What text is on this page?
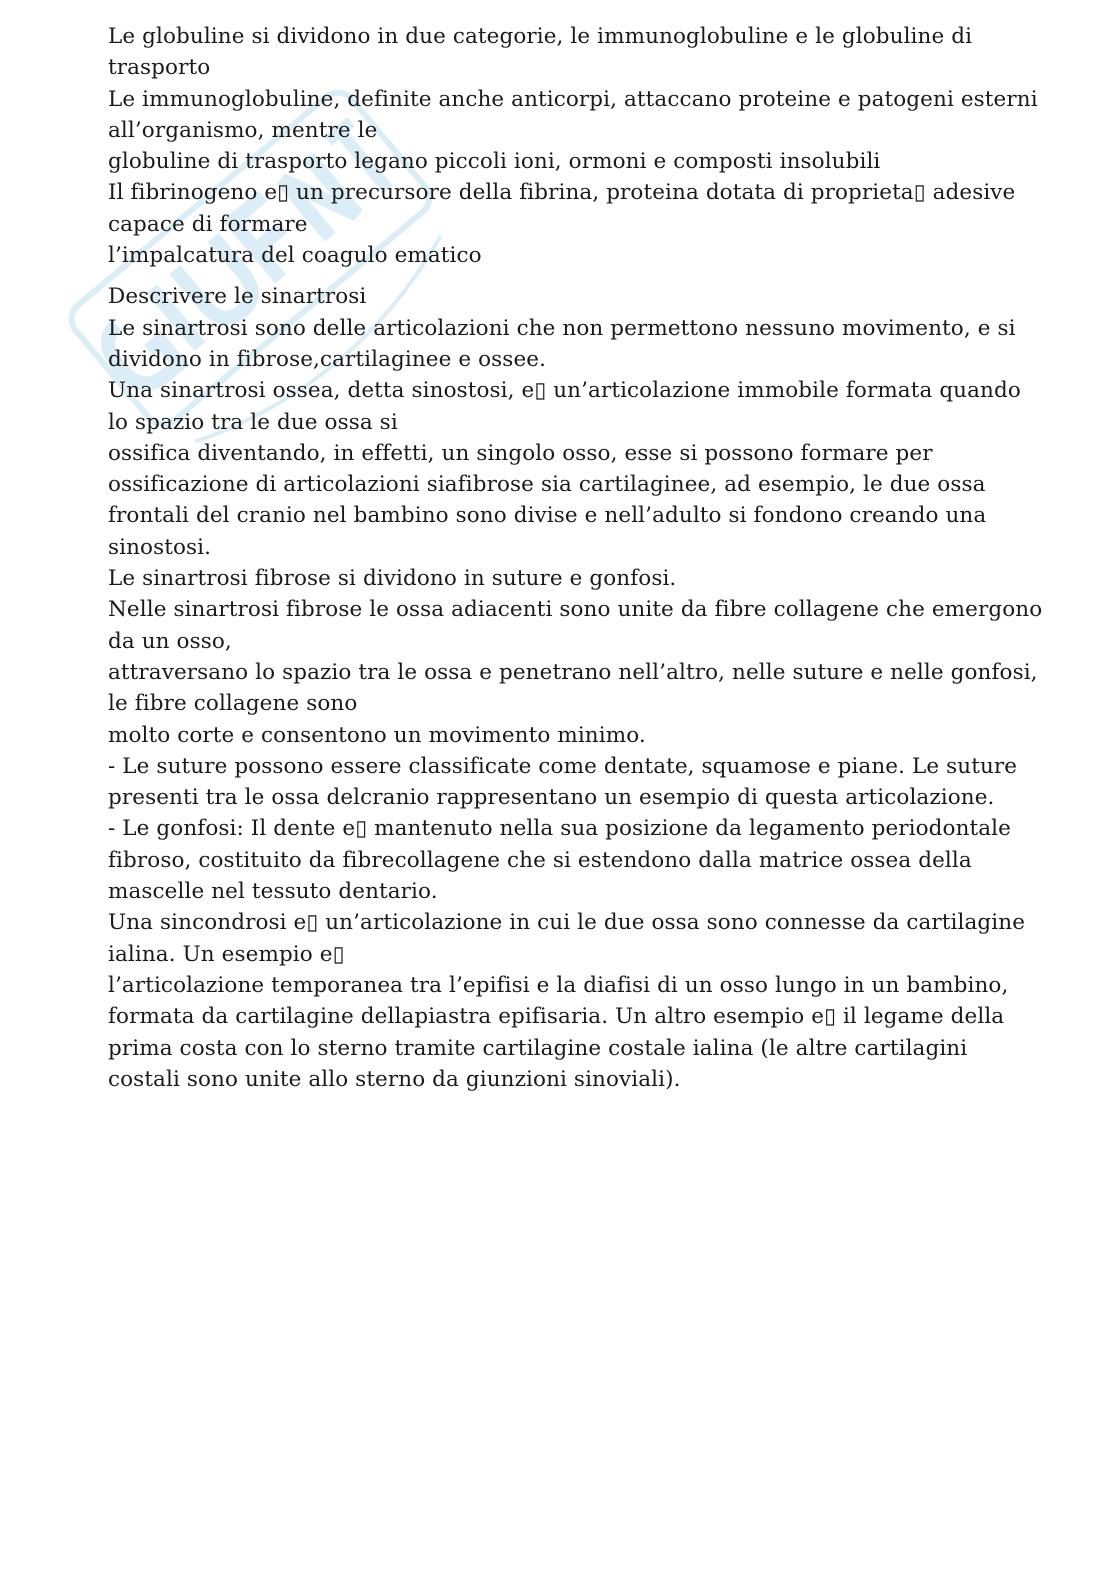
Le globuline si dividono in due categorie, le immunoglobuline e le globuline di
trasporto
Le immunoglobuline, definite anche anticorpi, attaccano proteine e patogeni esterni
all’organismo, mentre le
globuline di trasporto legano piccoli ioni, ormoni e composti insolubili
Il fibrinogeno e▯ un precursore della fibrina, proteina dotata di proprieta▯ adesive
capace di formare
l’impalcatura del coagulo ematico
Descrivere le sinartrosi
Le sinartrosi sono delle articolazioni che non permettono nessuno movimento, e si
dividono in fibrose,cartilaginee e ossee.
Una sinartrosi ossea, detta sinostosi, e▯ un’articolazione immobile formata quando
lo spazio tra le due ossa si
ossifica diventando, in effetti, un singolo osso, esse si possono formare per
ossificazione di articolazioni siafibrose sia cartilaginee, ad esempio, le due ossa
frontali del cranio nel bambino sono divise e nell’adulto si fondono creando una
sinostosi.
Le sinartrosi fibrose si dividono in suture e gonfosi.
Nelle sinartrosi fibrose le ossa adiacenti sono unite da fibre collagene che emergono
da un osso,
attraversano lo spazio tra le ossa e penetrano nell’altro, nelle suture e nelle gonfosi,
le fibre collagene sono
molto corte e consentono un movimento minimo.
- Le suture possono essere classificate come dentate, squamose e piane. Le suture
presenti tra le ossa delcranio rappresentano un esempio di questa articolazione.
- Le gonfosi: Il dente e▯ mantenuto nella sua posizione da legamento periodontale
fibroso, costituito da fibrecollagene che si estendono dalla matrice ossea della
mascelle nel tessuto dentario.
Una sincondrosi e▯ un’articolazione in cui le due ossa sono connesse da cartilagine
ialina. Un esempio e▯
l’articolazione temporanea tra l’epifisi e la diafisi di un osso lungo in un bambino,
formata da cartilagine dellapiastra epifisaria. Un altro esempio e▯ il legame della
prima costa con lo sterno tramite cartilagine costale ialina (le altre cartilagini
costali sono unite allo sterno da giunzioni sinoviali).
